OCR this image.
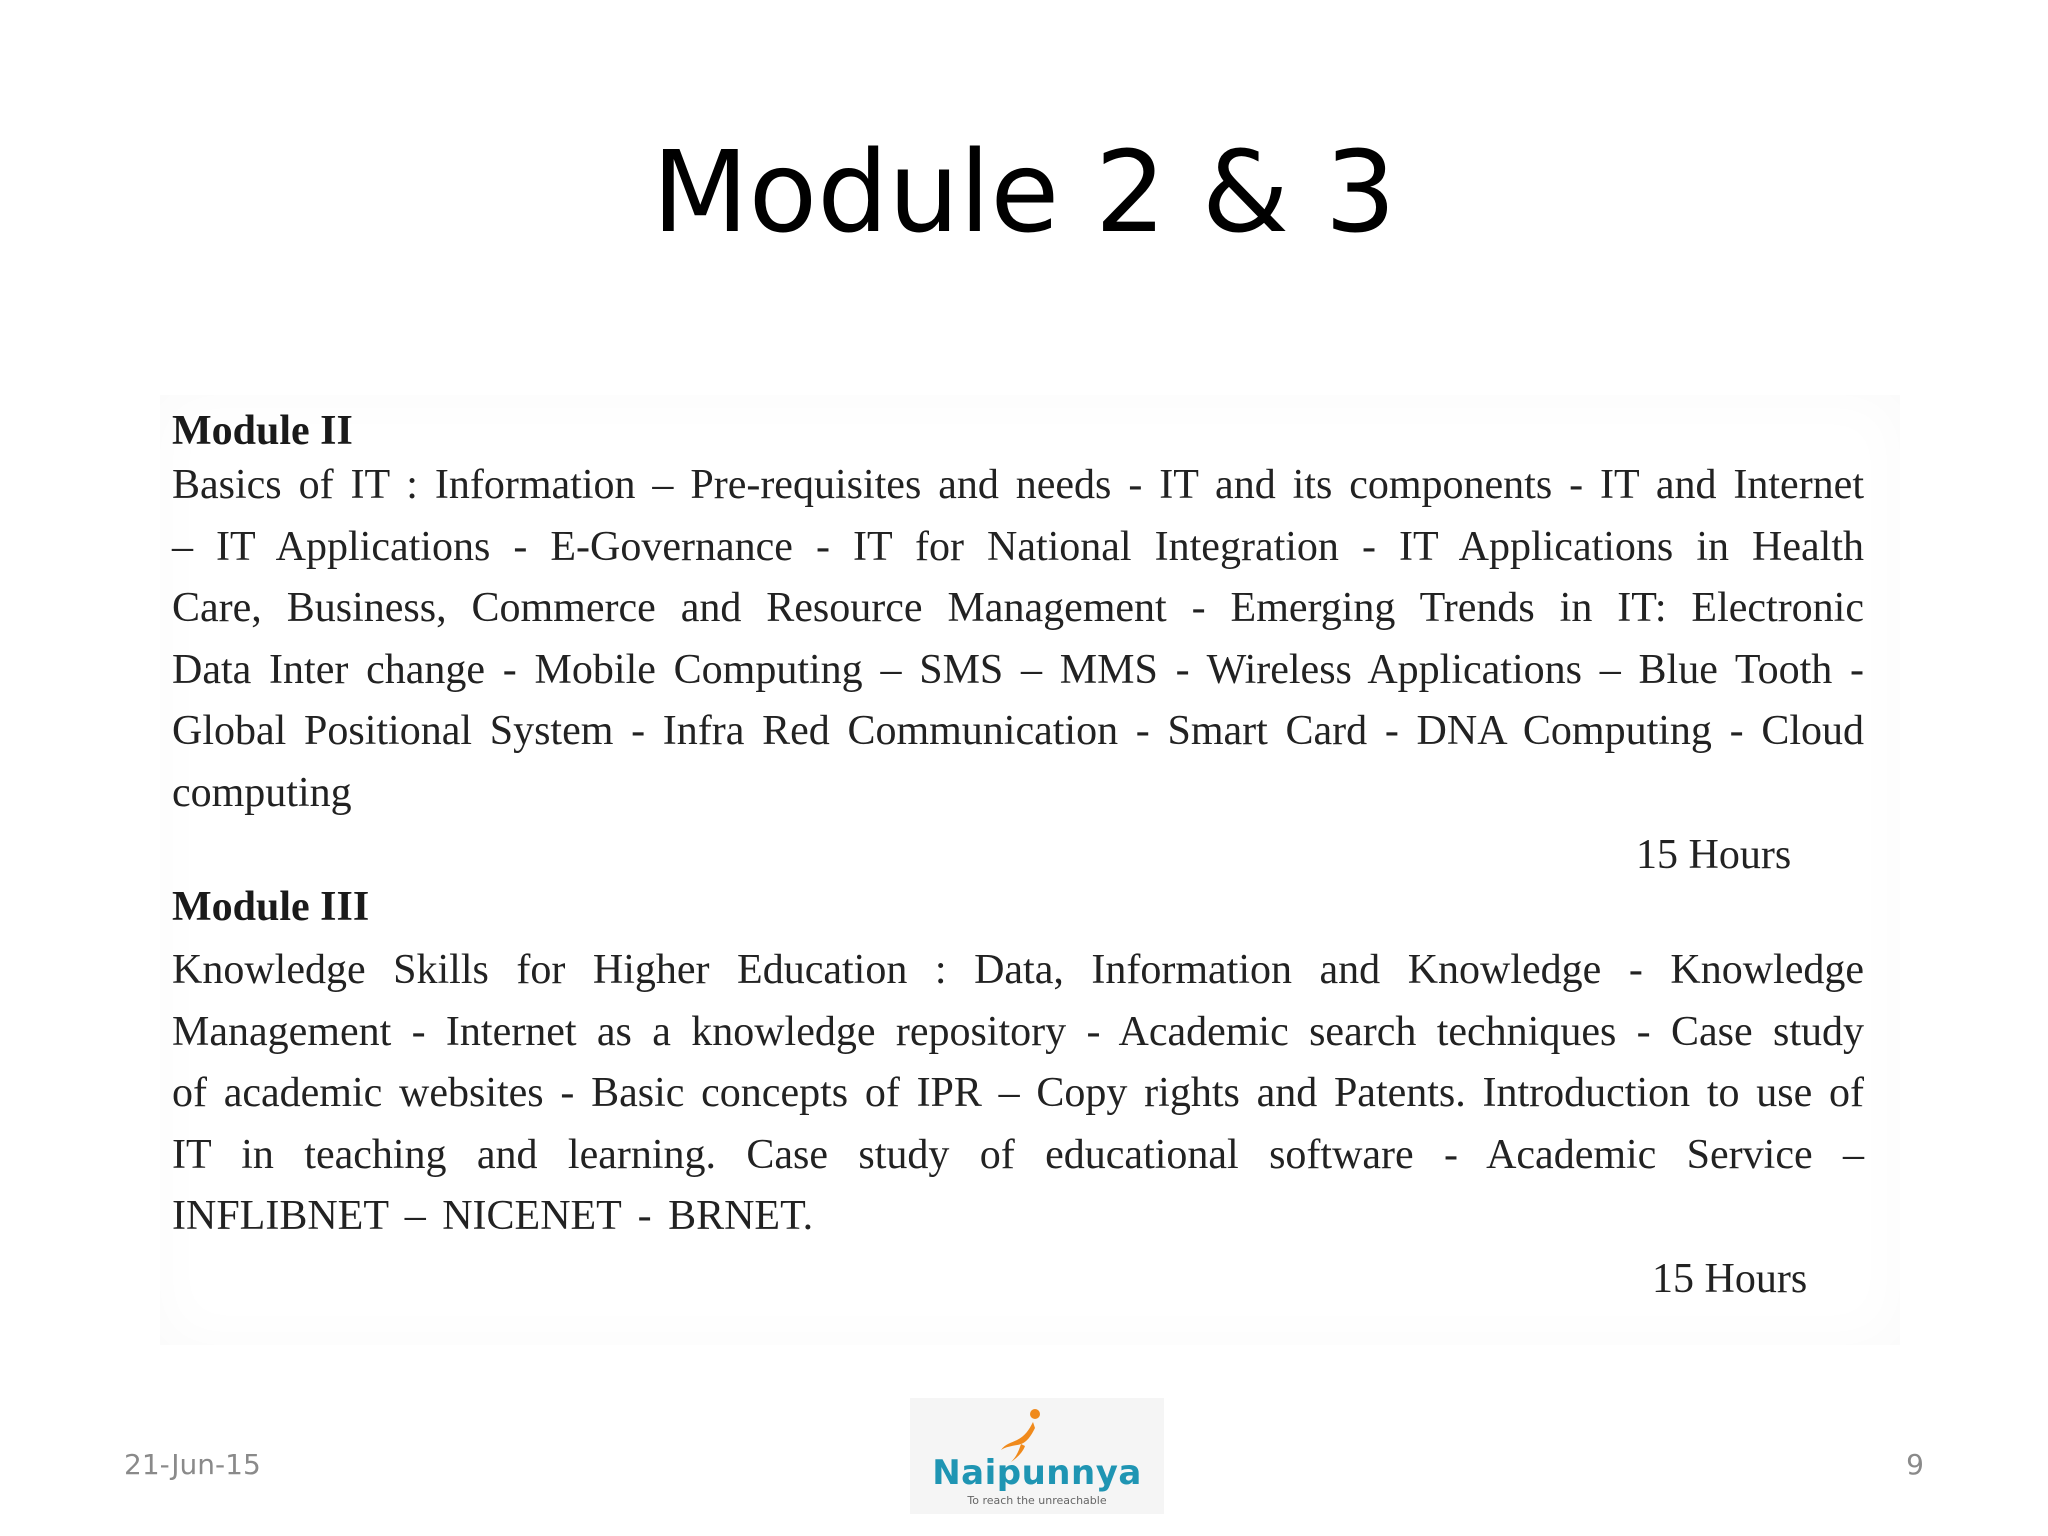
Module 2 & 3
Module II
Basics of IT : Information – Pre-requisites and needs - IT and its components - IT and Internet – IT Applications - E-Governance - IT for National Integration - IT Applications in Health Care, Business, Commerce and Resource Management - Emerging Trends in IT: Electronic Data Inter change - Mobile Computing – SMS – MMS - Wireless Applications – Blue Tooth - Global Positional System - Infra Red Communication - Smart Card - DNA Computing - Cloud computing
15 Hours
Module III
Knowledge Skills for Higher Education : Data, Information and Knowledge - Knowledge Management - Internet as a knowledge repository - Academic search techniques - Case study of academic websites - Basic concepts of IPR – Copy rights and Patents. Introduction to use of IT in teaching and learning. Case study of educational software - Academic Service – INFLIBNET – NICENET - BRNET.
15 Hours
21-Jun-15	Naipunnya
To reach the unreachable
9
